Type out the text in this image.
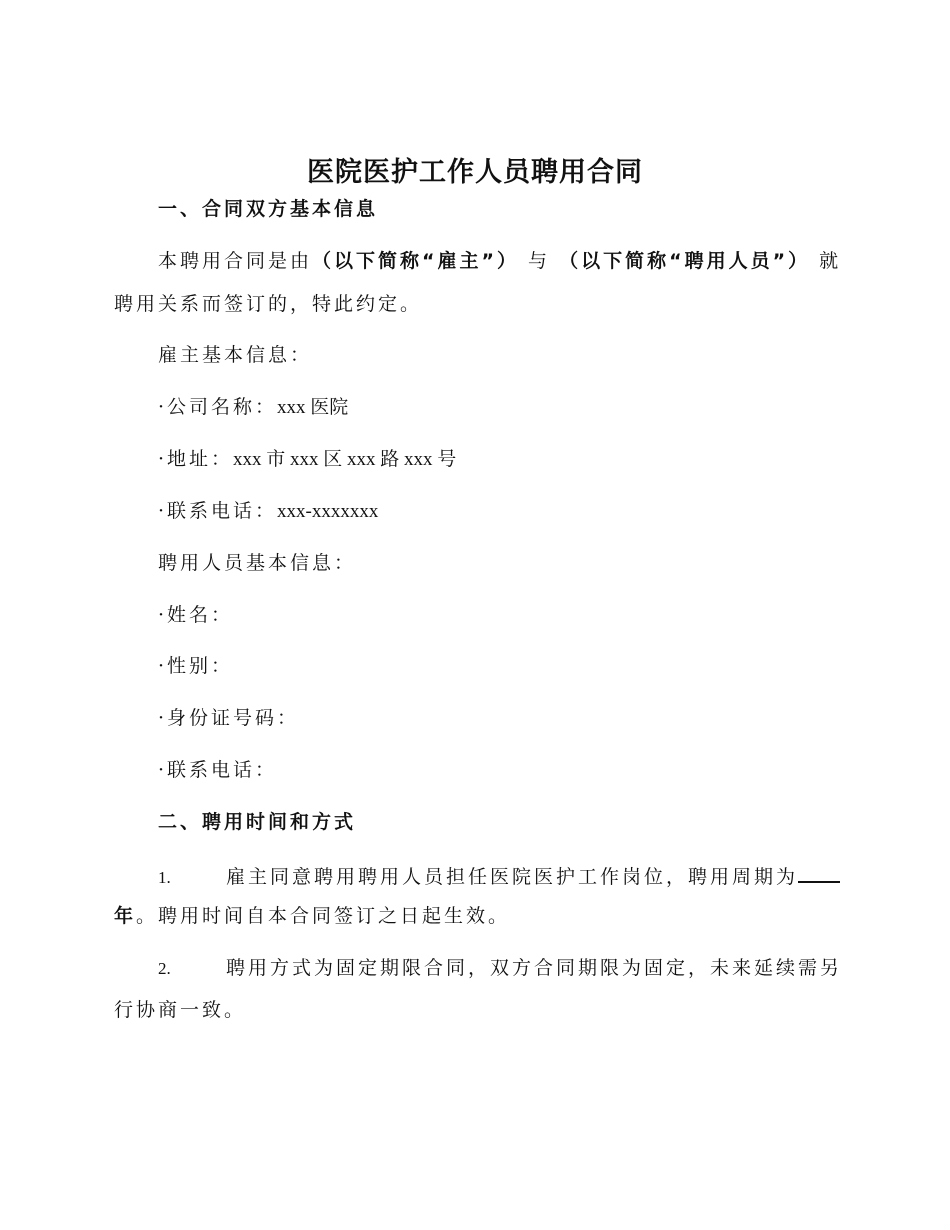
医院医护工作人员聘用合同
一、合同双方基本信息
本聘用合同是由（以下简称“雇主”） 与 （以下简称“聘用人员”） 就
聘用关系而签订的，特此约定。
雇主基本信息：
·公司名称：xxx 医院
·地址：xxx 市 xxx 区 xxx 路 xxx 号
·联系电话：xxx-xxxxxxx
聘用人员基本信息：
·姓名：
·性别：
·身份证号码：
·联系电话：
二、聘用时间和方式
1.	雇主同意聘用聘用人员担任医院医护工作岗位，聘用周期为
年。聘用时间自本合同签订之日起生效。
2.	聘用方式为固定期限合同，双方合同期限为固定，未来延续需另
行协商一致。
